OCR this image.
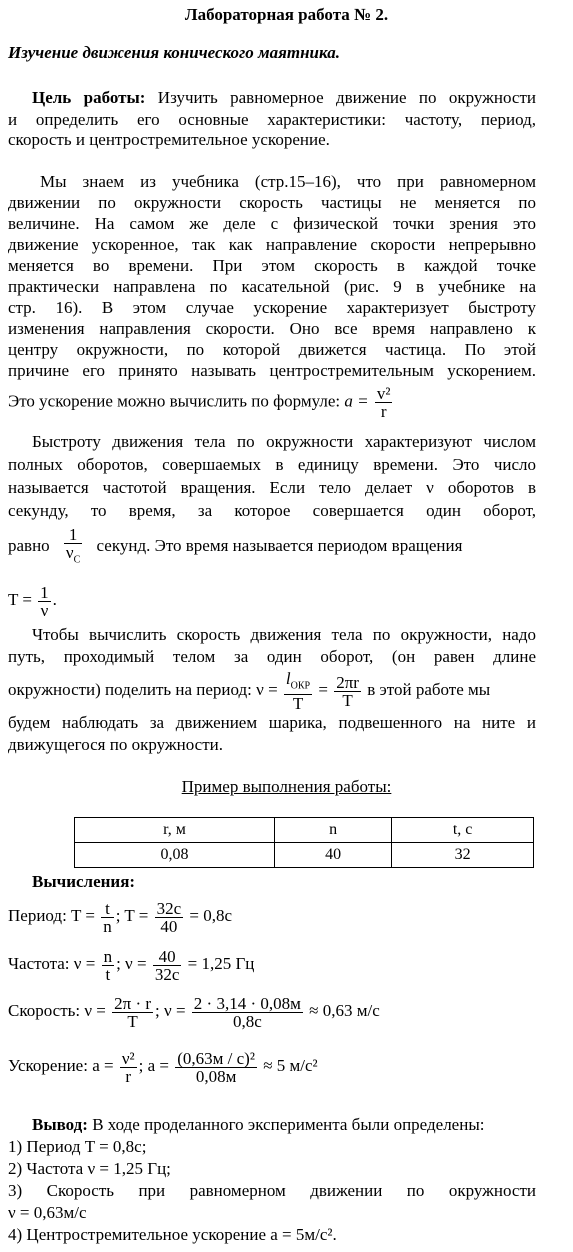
Лабораторная работа № 2.
Изучение движения конического маятника.
Цель работы: Изучить равномерное движение по окружности
и определить его основные характеристики: частоту, период,
скорость и центростремительное ускорение.
Мы знаем из учебника (стр.15–16), что при равномерном
движении по окружности скорость частицы не меняется по
величине. На самом же деле с физической точки зрения это
движение ускоренное, так как направление скорости непрерывно
меняется во времени. При этом скорость в каждой точке
практически направлена по касательной (рис. 9 в учебнике на
стр. 16). В этом случае ускорение характеризует быстроту
изменения направления скорости. Оно все время направлено к
центру окружности, по которой движется частица. По этой
причине его принято называть центростремительным ускорением.
Это ускорение можно вычислить по формуле: $a = \frac{\text{v²}}{r}$
Быстроту движения тела по окружности характеризуют числом
полных оборотов, совершаемых в единицу времени. Это число
называется частотой вращения. Если тело делает ν оборотов в
секунду, то время, за которое совершается один оборот,
равно $\frac{1}{\nu_С}$ секунд. Это время называется периодом вращения
$T = \frac{1}{\nu}$ .
Чтобы вычислить скорость движения тела по окружности, надо
путь, проходимый телом за один оборот, (он равен длине
окружности) поделить на период: $\nu = \frac{l_{ОКР}}{T} = \frac{2\pi r}{T}$ в этой работе мы
будем наблюдать за движением шарика, подвешенного на ните и
движущегося по окружности.
Пример выполнения работы:
r, м	n	t, с
0,08	40	32
Вычисления:
Период: $T = \frac{t}{n}$ ; $T = \frac{32с}{40} = 0,8с$
Частота: $\nu = \frac{n}{t}$ ; $\nu = \frac{40}{32с} = 1,25$ Гц
Скорость: $\nu = \frac{2\pi \cdot r}{T}$ ; $\nu = \frac{2 \cdot 3,14 \cdot 0,08м}{0,8с} \approx 0,63$ м/с
Ускорение: $a = \frac{\text{ν²}}{r}$ ; $a = \frac{\text{(0,63м / с)²}}{0,08м} \approx 5$ м/с²
Вывод: В ходе проделанного эксперимента были определены:
1) Период T = 0,8с;
2) Частота ν = 1,25 Гц;
3) Скорость при равномерном движении по окружности
ν = 0,63м/с
4) Центростремительное ускорение a = 5м/с².
